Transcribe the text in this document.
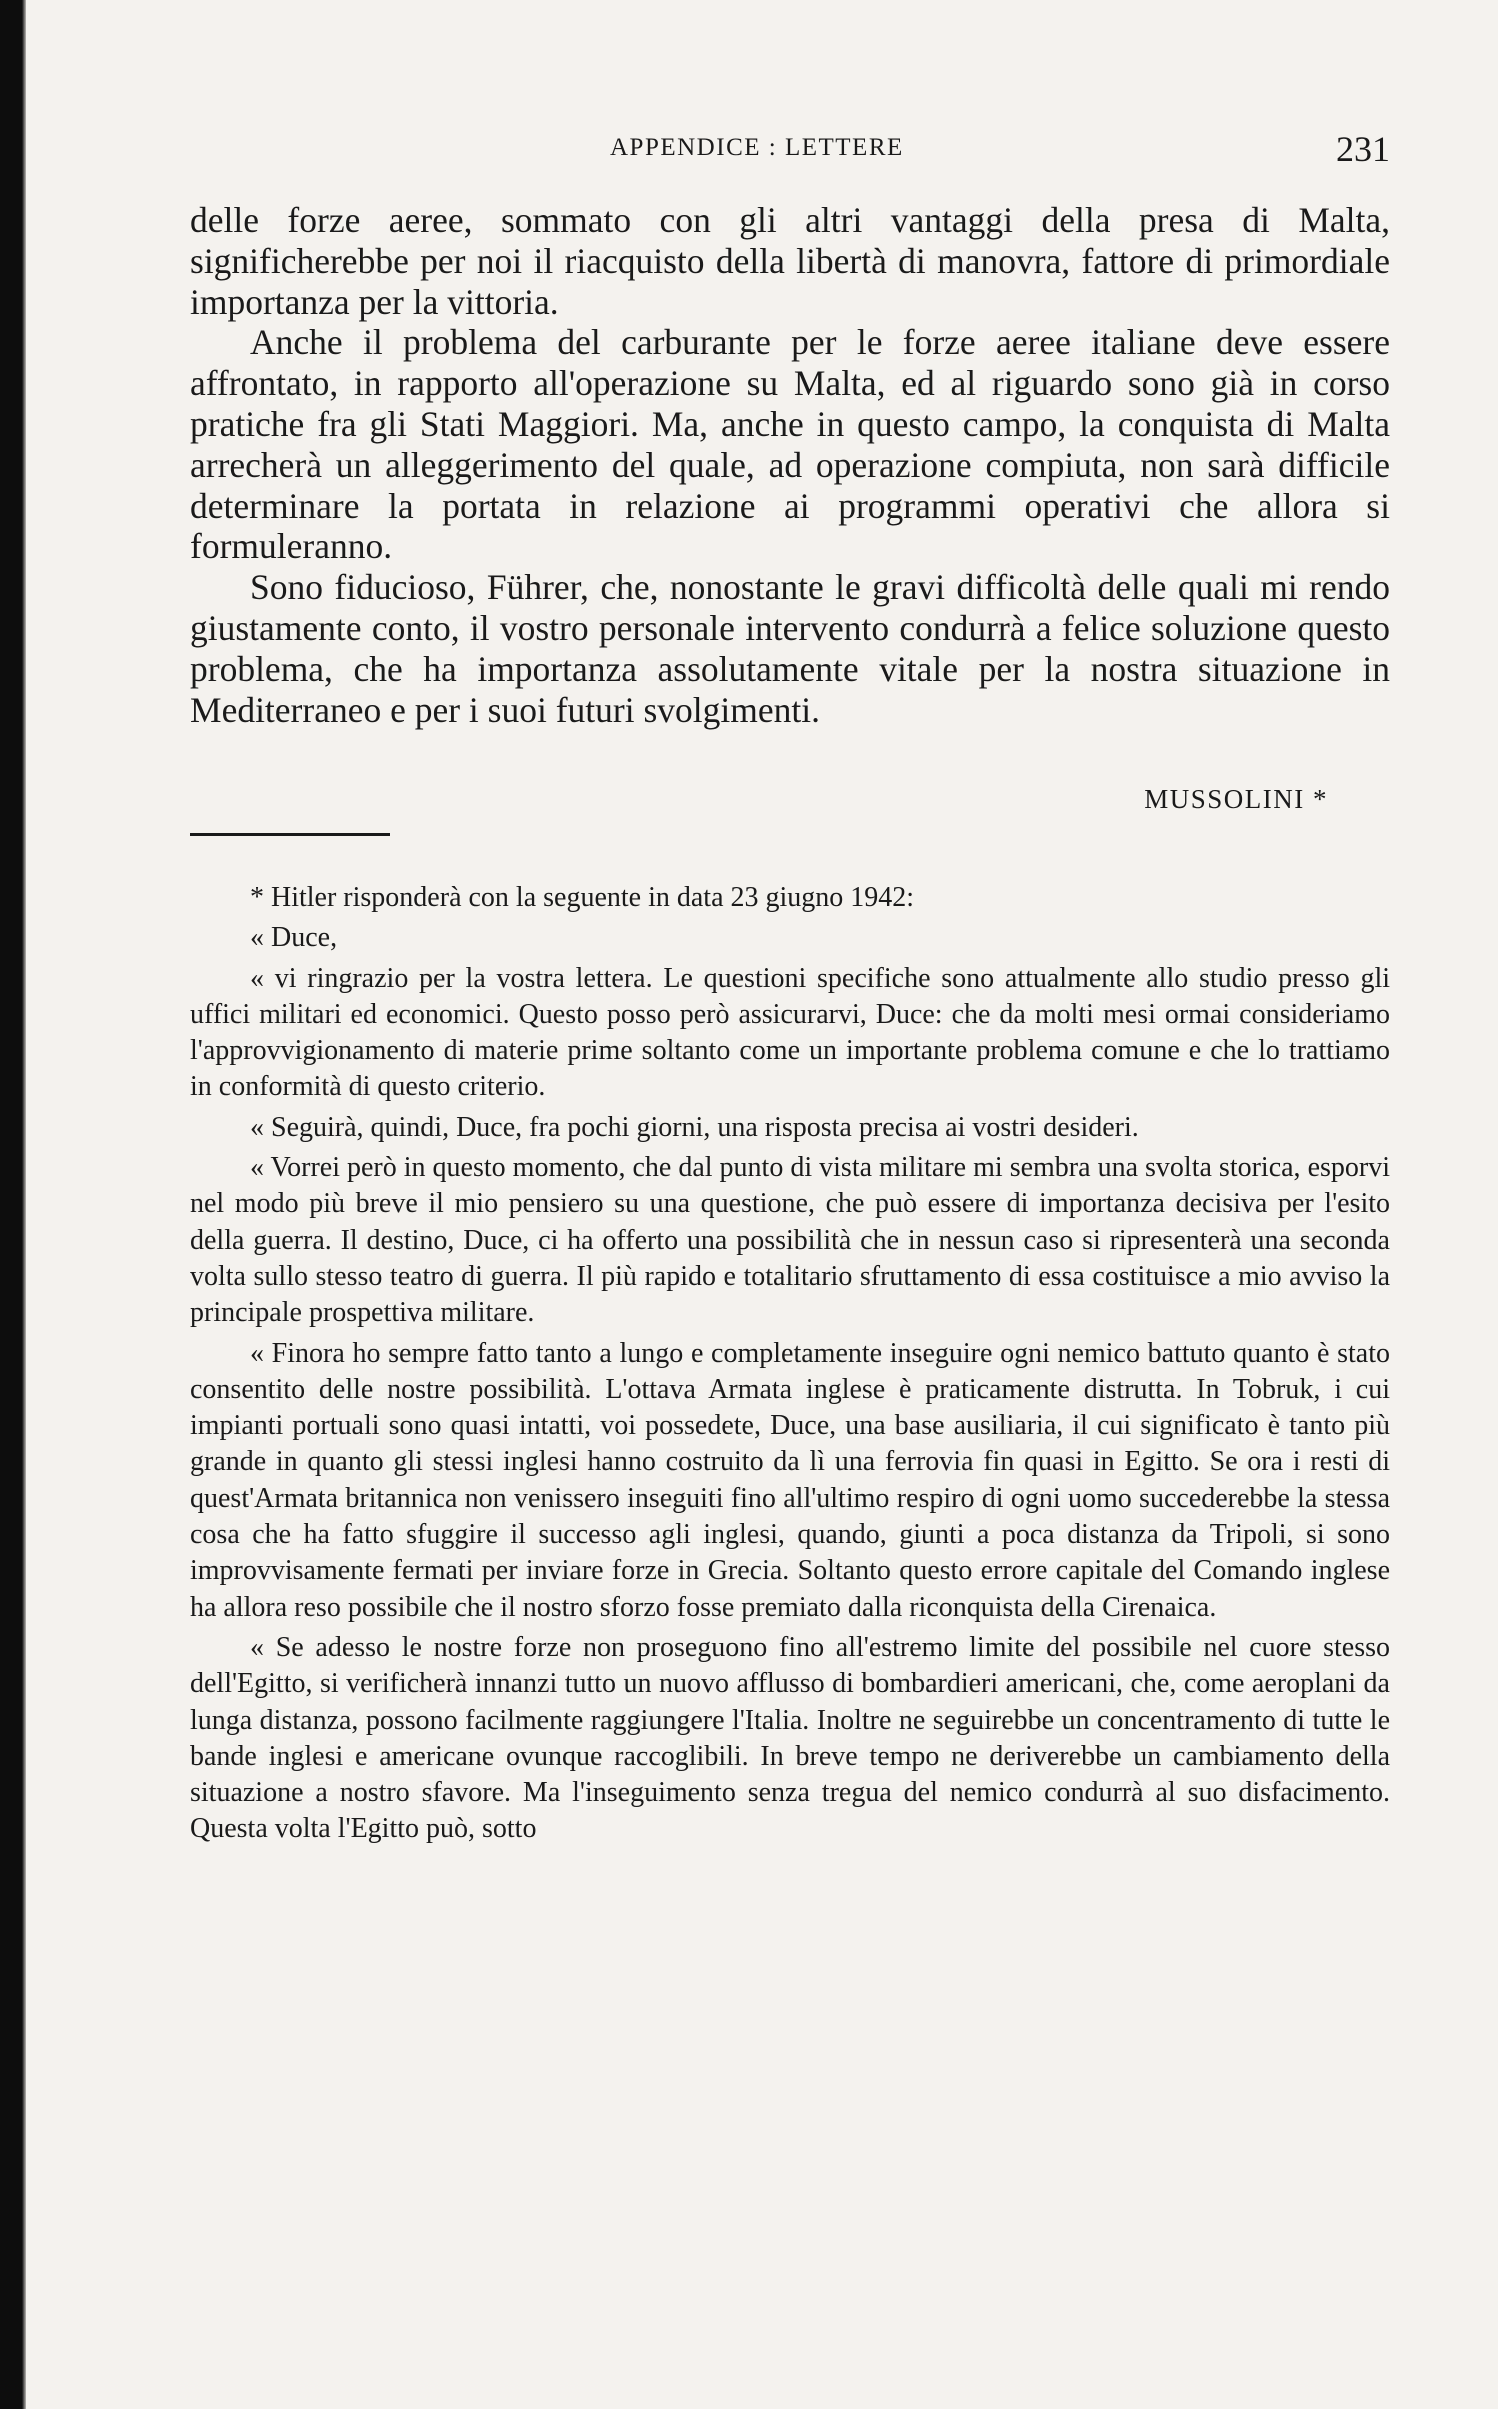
APPENDICE : LETTERE	231

delle forze aeree, sommato con gli altri vantaggi della presa di Malta, significherebbe per noi il riacquisto della libertà di manovra, fattore di primordiale importanza per la vittoria.

Anche il problema del carburante per le forze aeree italiane deve essere affrontato, in rapporto all'operazione su Malta, ed al riguardo sono già in corso pratiche fra gli Stati Maggiori. Ma, anche in questo campo, la conquista di Malta arrecherà un alleggerimento del quale, ad operazione compiuta, non sarà difficile determinare la portata in relazione ai programmi operativi che allora si formuleranno.

Sono fiducioso, Führer, che, nonostante le gravi difficoltà delle quali mi rendo giustamente conto, il vostro personale intervento condurrà a felice soluzione questo problema, che ha importanza assolutamente vitale per la nostra situazione in Mediterraneo e per i suoi futuri svolgimenti.

MUSSOLINI *

* Hitler risponderà con la seguente in data 23 giugno 1942:

« Duce,

« vi ringrazio per la vostra lettera. Le questioni specifiche sono attualmente allo studio presso gli uffici militari ed economici. Questo posso però assicurarvi, Duce: che da molti mesi ormai consideriamo l'approvvigionamento di materie prime soltanto come un importante problema comune e che lo trattiamo in conformità di questo criterio.

« Seguirà, quindi, Duce, fra pochi giorni, una risposta precisa ai vostri desideri.

« Vorrei però in questo momento, che dal punto di vista militare mi sembra una svolta storica, esporvi nel modo più breve il mio pensiero su una questione, che può essere di importanza decisiva per l'esito della guerra. Il destino, Duce, ci ha offerto una possibilità che in nessun caso si ripresenterà una seconda volta sullo stesso teatro di guerra. Il più rapido e totalitario sfruttamento di essa costituisce a mio avviso la principale prospettiva militare.

« Finora ho sempre fatto tanto a lungo e completamente inseguire ogni nemico battuto quanto è stato consentito delle nostre possibilità. L'ottava Armata inglese è praticamente distrutta. In Tobruk, i cui impianti portuali sono quasi intatti, voi possedete, Duce, una base ausiliaria, il cui significato è tanto più grande in quanto gli stessi inglesi hanno costruito da lì una ferrovia fin quasi in Egitto. Se ora i resti di quest'Armata britannica non venissero inseguiti fino all'ultimo respiro di ogni uomo succederebbe la stessa cosa che ha fatto sfuggire il successo agli inglesi, quando, giunti a poca distanza da Tripoli, si sono improvvisamente fermati per inviare forze in Grecia. Soltanto questo errore capitale del Comando inglese ha allora reso possibile che il nostro sforzo fosse premiato dalla riconquista della Cirenaica.

« Se adesso le nostre forze non proseguono fino all'estremo limite del possibile nel cuore stesso dell'Egitto, si verificherà innanzi tutto un nuovo afflusso di bombardieri americani, che, come aeroplani da lunga distanza, possono facilmente raggiungere l'Italia. Inoltre ne seguirebbe un concentramento di tutte le bande inglesi e americane ovunque raccoglibili. In breve tempo ne deriverebbe un cambiamento della situazione a nostro sfavore. Ma l'inseguimento senza tregua del nemico condurrà al suo disfacimento. Questa volta l'Egitto può, sotto
